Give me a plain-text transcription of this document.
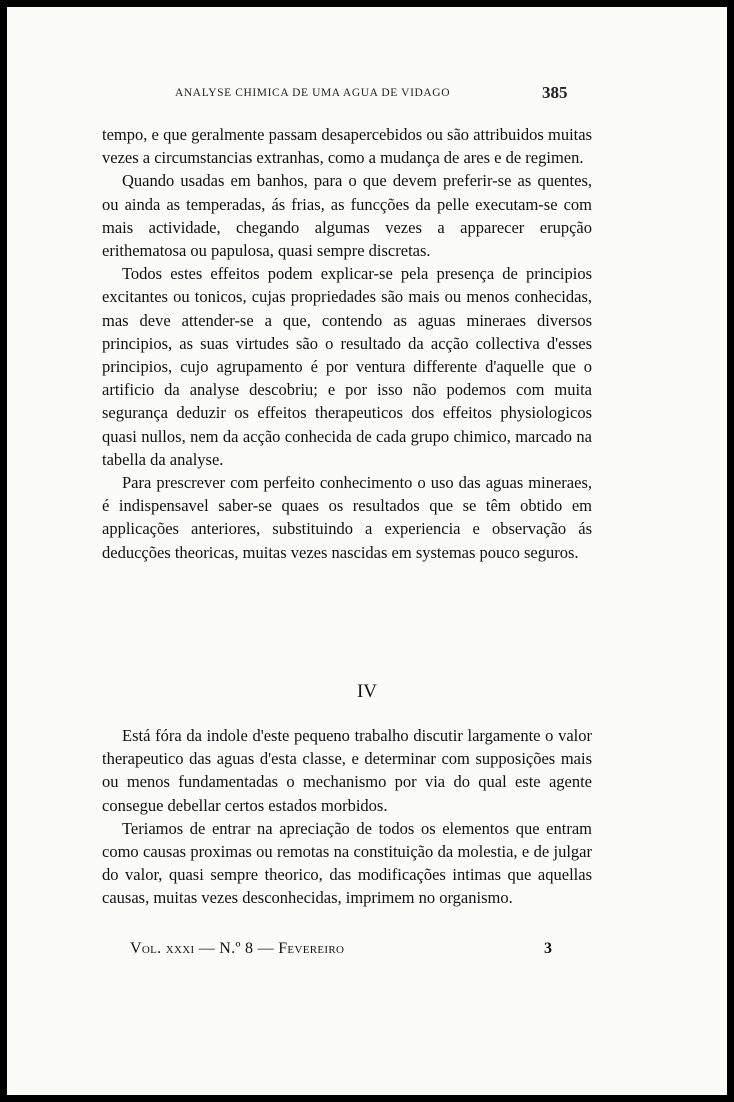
ANALYSE CHIMICA DE UMA AGUA DE VIDAGO	385

tempo, e que geralmente passam desapercebidos ou são attribuidos muitas vezes a circumstancias extranhas, como a mudança de ares e de regimen.

Quando usadas em banhos, para o que devem preferir-se as quentes, ou ainda as temperadas, ás frias, as funcções da pelle executam-se com mais actividade, chegando algumas vezes a apparecer erupção erithematosa ou papulosa, quasi sempre discretas.

Todos estes effeitos podem explicar-se pela presença de principios excitantes ou tonicos, cujas propriedades são mais ou menos conhecidas, mas deve attender-se a que, contendo as aguas mineraes diversos principios, as suas virtudes são o resultado da acção collectiva d'esses principios, cujo agrupamento é por ventura differente d'aquelle que o artificio da analyse descobriu; e por isso não podemos com muita segurança deduzir os effeitos therapeuticos dos effeitos physiologicos quasi nullos, nem da acção conhecida de cada grupo chimico, marcado na tabella da analyse.

Para prescrever com perfeito conhecimento o uso das aguas mineraes, é indispensavel saber-se quaes os resultados que se têm obtido em applicações anteriores, substituindo a experiencia e observação ás deducções theoricas, muitas vezes nascidas em systemas pouco seguros.

IV

Está fóra da indole d'este pequeno trabalho discutir largamente o valor therapeutico das aguas d'esta classe, e determinar com supposições mais ou menos fundamentadas o mechanismo por via do qual este agente consegue debellar certos estados morbidos.

Teriamos de entrar na apreciação de todos os elementos que entram como causas proximas ou remotas na constituição da molestia, e de julgar do valor, quasi sempre theorico, das modificações intimas que aquellas causas, muitas vezes desconhecidas, imprimem no organismo.

Vol. xxxi — N.º 8 — Fevereiro	3
